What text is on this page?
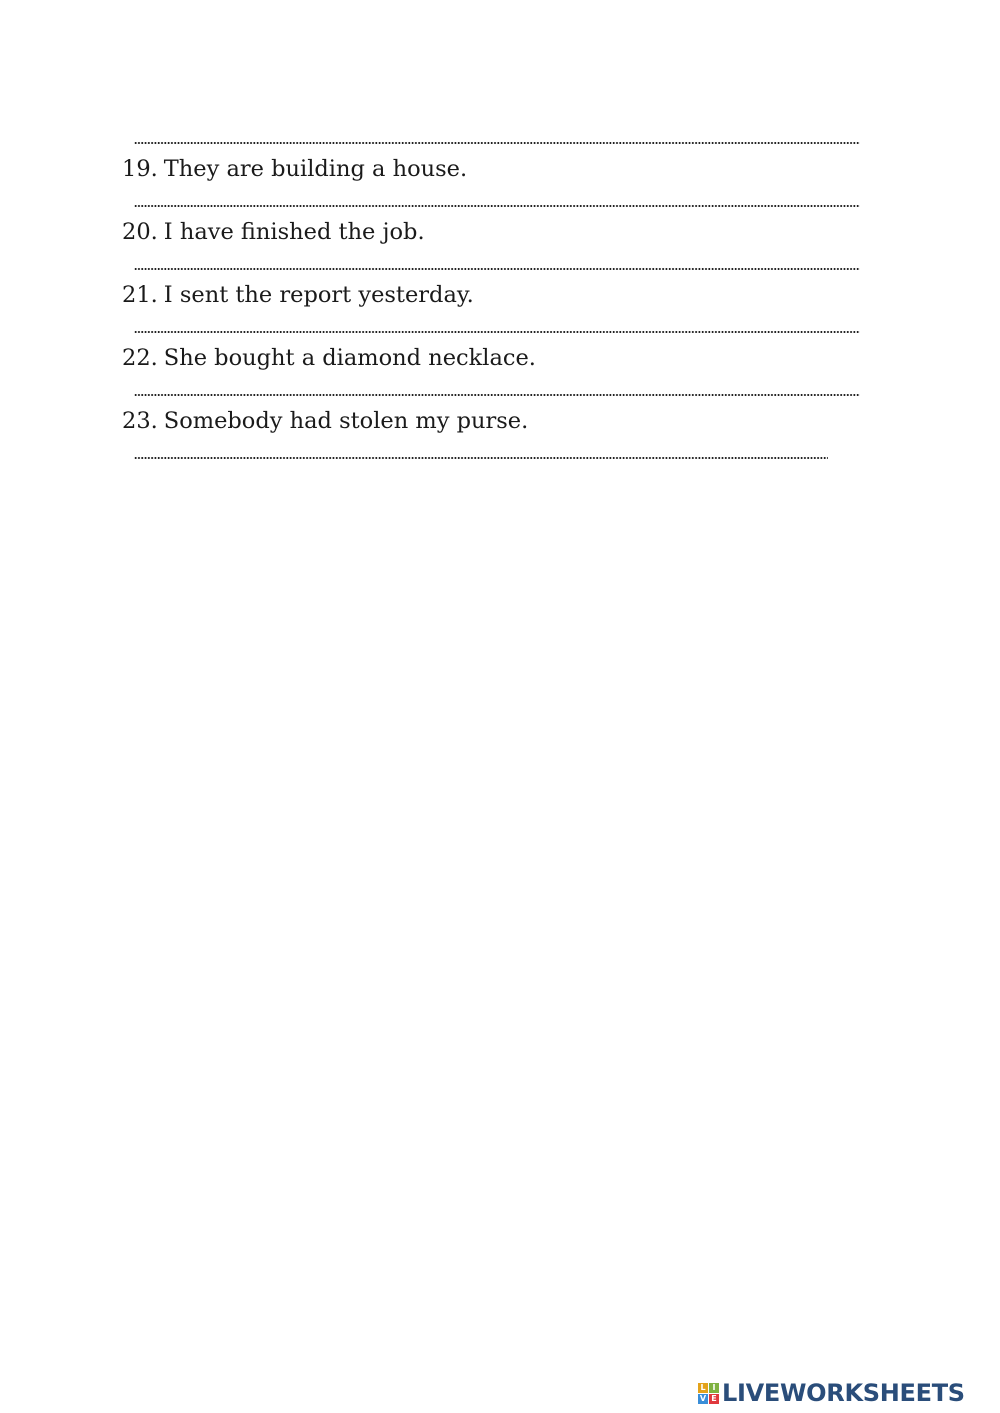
19. They are building a house.
20. I have finished the job.
21. I sent the report yesterday.
22. She bought a diamond necklace.
23. Somebody had stolen my purse.
L I
V E LIVEWORKSHEETS
